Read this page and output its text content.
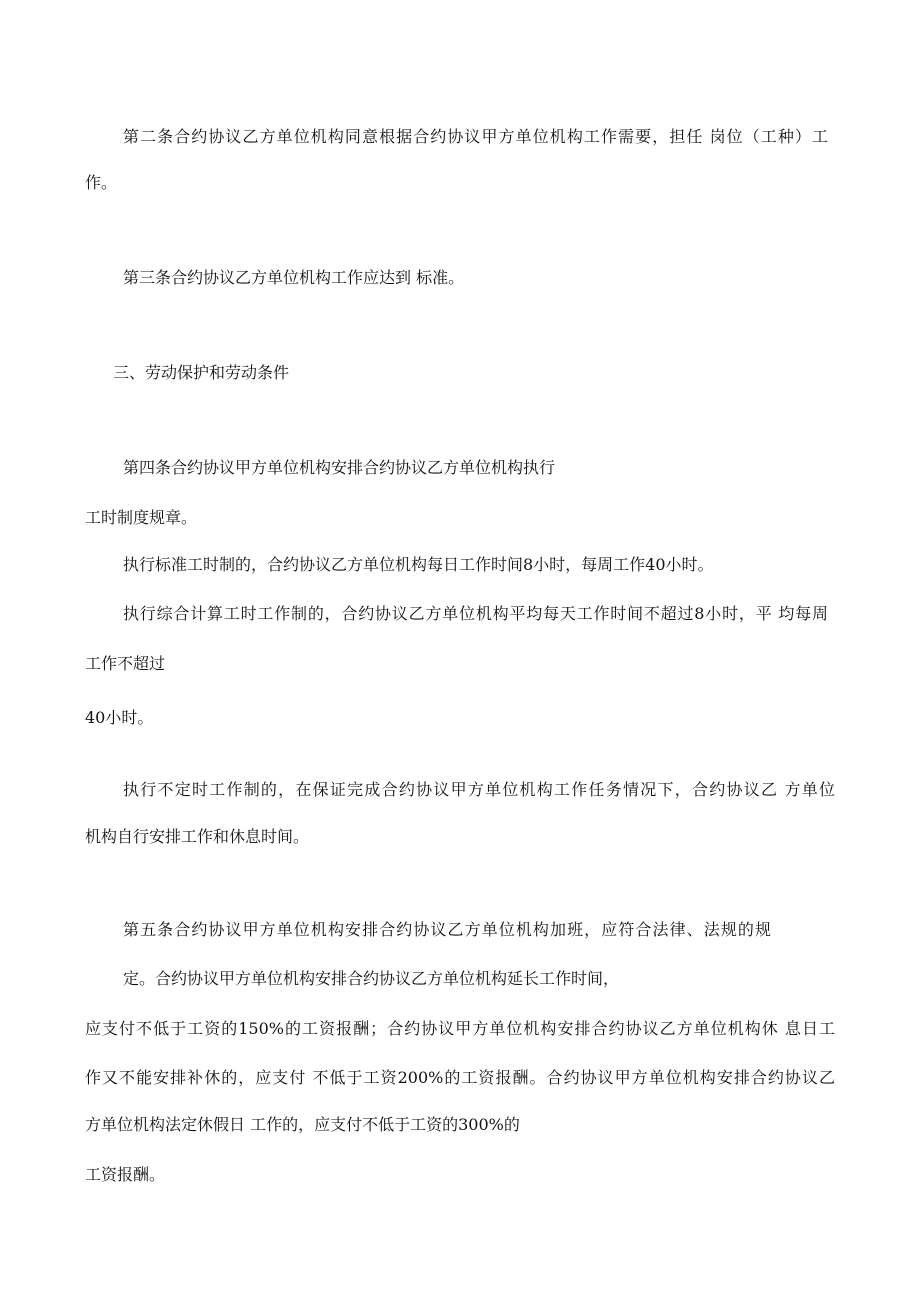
第二条合约协议乙方单位机构同意根据合约协议甲方单位机构工作需要，担任 岗位（工种）工

作。

第三条合约协议乙方单位机构工作应达到 标准。

三、劳动保护和劳动条件

第四条合约协议甲方单位机构安排合约协议乙方单位机构执行

工时制度规章。

执行标准工时制的，合约协议乙方单位机构每日工作时间8小时，每周工作40小时。

执行综合计算工时工作制的，合约协议乙方单位机构平均每天工作时间不超过8小时，平 均每周

工作不超过

40小时。

执行不定时工作制的，在保证完成合约协议甲方单位机构工作任务情况下，合约协议乙 方单位

机构自行安排工作和休息时间。

第五条合约协议甲方单位机构安排合约协议乙方单位机构加班，应符合法律、法规的规

定。合约协议甲方单位机构安排合约协议乙方单位机构延长工作时间，

应支付不低于工资的150%的工资报酬；合约协议甲方单位机构安排合约协议乙方单位机构休 息日工

作又不能安排补休的，应支付 不低于工资200%的工资报酬。合约协议甲方单位机构安排合约协议乙

方单位机构法定休假日 工作的，应支付不低于工资的300%的

工资报酬。
